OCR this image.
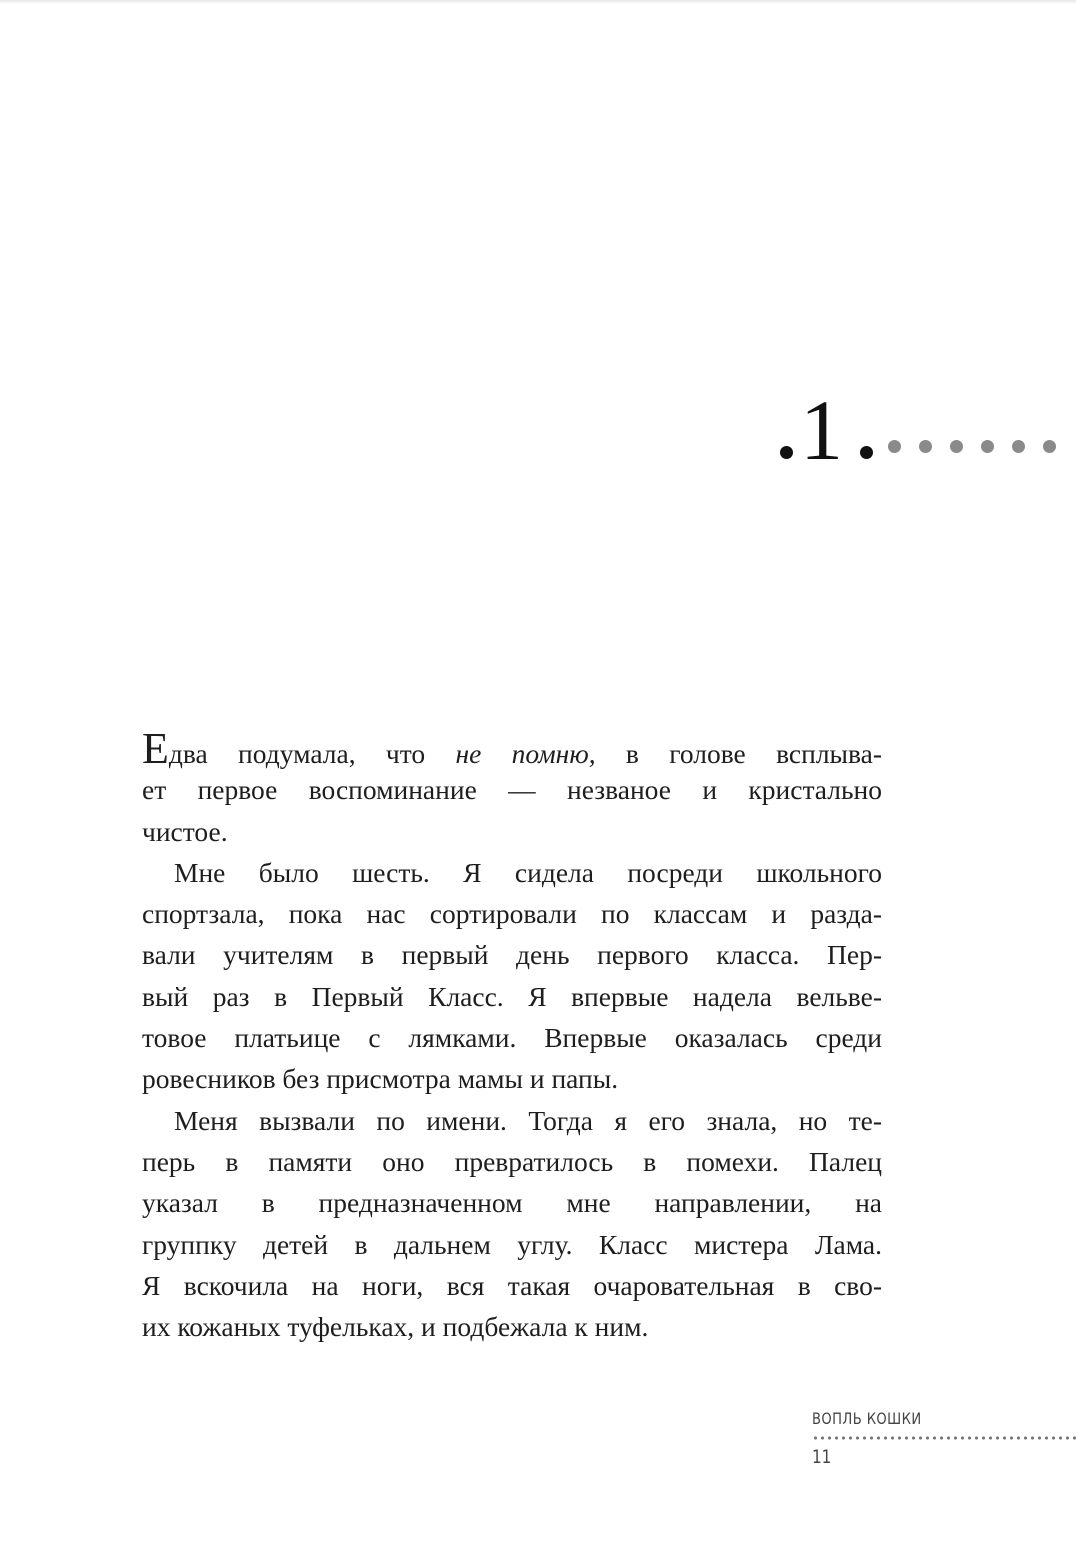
1
Едва подумала, что не помню, в голове всплыва-
ет первое воспоминание — незваное и кристально
чистое.
Мне было шесть. Я сидела посреди школьного
спортзала, пока нас сортировали по классам и разда-
вали учителям в первый день первого класса. Пер-
вый раз в Первый Класс. Я впервые надела вельве-
товое платьице с лямками. Впервые оказалась среди
ровесников без присмотра мамы и папы.
Меня вызвали по имени. Тогда я его знала, но те-
перь в памяти оно превратилось в помехи. Палец
указал в предназначенном мне направлении, на
группку детей в дальнем углу. Класс мистера Лама.
Я вскочила на ноги, вся такая очаровательная в сво-
их кожаных туфельках, и подбежала к ним.
ВОПЛЬ КОШКИ
11
